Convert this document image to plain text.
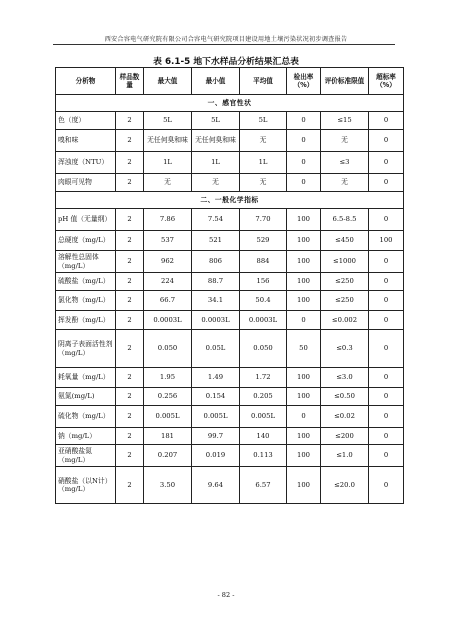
西安合容电气研究院有限公司合容电气研究院项目建设用地土壤污染状况初步调查报告
表 6.1-5 地下水样品分析结果汇总表
分析物	样品数量	最大值	最小值	平均值	检出率（%）	评价标准限值	超标率（%）
一、感官性状							
色（度）	2	5L	5L	5L	0	≤15	0
嗅和味	2	无任何臭和味	无任何臭和味	无	0	无	0
浑浊度（NTU）	2	1L	1L	1L	0	≤3	0
肉眼可见物	2	无	无	无	0	无	0
二、一般化学指标							
pH 值（无量纲）	2	7.86	7.54	7.70	100	6.5-8.5	0
总硬度（mg/L）	2	537	521	529	100	≤450	100
溶解性总固体（mg/L）	2	962	806	884	100	≤1000	0
硫酸盐（mg/L）	2	224	88.7	156	100	≤250	0
氯化物（mg/L）	2	66.7	34.1	50.4	100	≤250	0
挥发酚（mg/L）	2	0.0003L	0.0003L	0.0003L	0	≤0.002	0
阴离子表面活性剂（mg/L）	2	0.050	0.05L	0.050	50	≤0.3	0
耗氧量（mg/L）	2	1.95	1.49	1.72	100	≤3.0	0
氨氮(mg/L)	2	0.256	0.154	0.205	100	≤0.50	0
硫化物（mg/L）	2	0.005L	0.005L	0.005L	0	≤0.02	0
钠（mg/L）	2	181	99.7	140	100	≤200	0
亚硝酸盐氮（mg/L）	2	0.207	0.019	0.113	100	≤1.0	0
硝酸盐（以N计）（mg/L）	2	3.50	9.64	6.57	100	≤20.0	0
- 82 -
